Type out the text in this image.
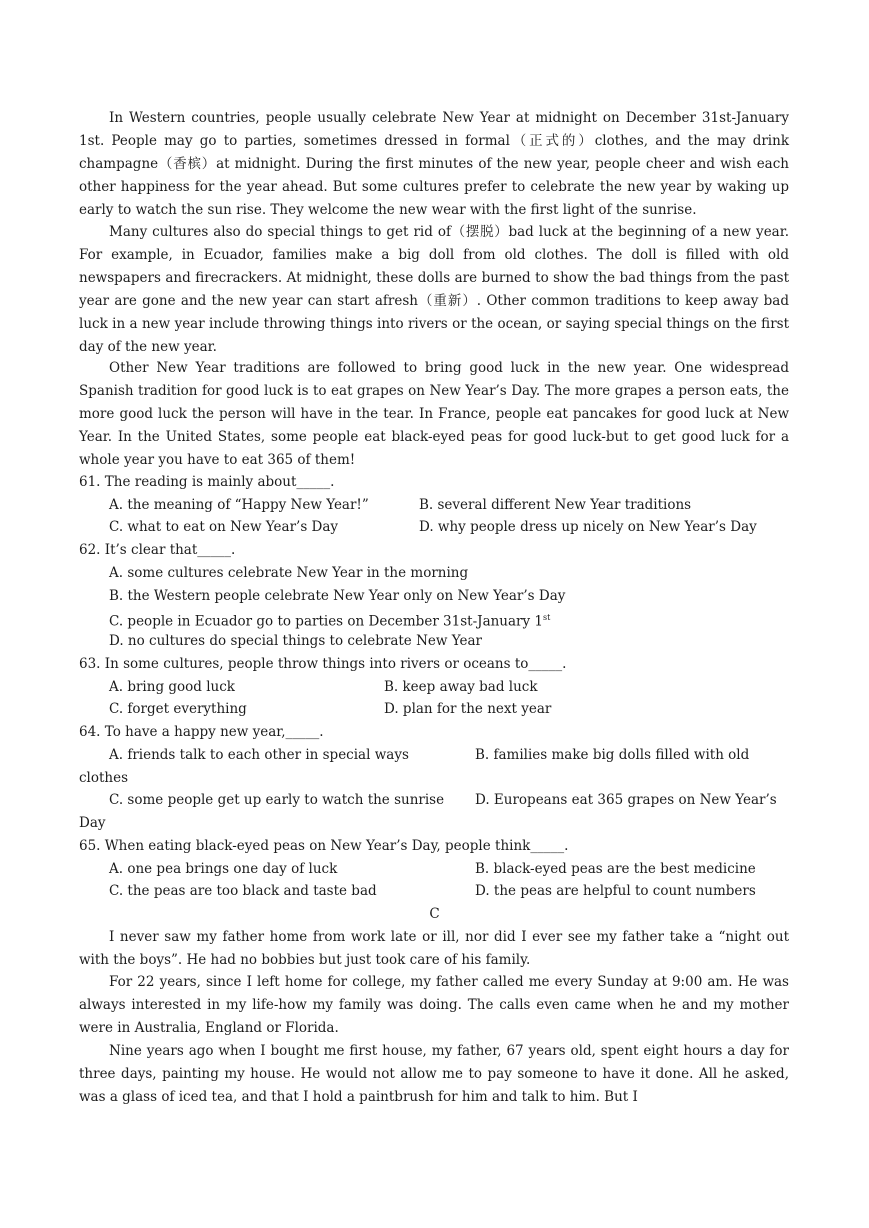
In Western countries, people usually celebrate New Year at midnight on December 31st-January 1st. People may go to parties, sometimes dressed in formal（正式的）clothes, and the may drink champagne（香槟）at midnight. During the first minutes of the new year, people cheer and wish each other happiness for the year ahead. But some cultures prefer to celebrate the new year by waking up early to watch the sun rise. They welcome the new wear with the first light of the sunrise.

Many cultures also do special things to get rid of（摆脱）bad luck at the beginning of a new year. For example, in Ecuador, families make a big doll from old clothes. The doll is filled with old newspapers and firecrackers. At midnight, these dolls are burned to show the bad things from the past year are gone and the new year can start afresh（重新）. Other common traditions to keep away bad luck in a new year include throwing things into rivers or the ocean, or saying special things on the first day of the new year.

Other New Year traditions are followed to bring good luck in the new year. One widespread Spanish tradition for good luck is to eat grapes on New Year’s Day. The more grapes a person eats, the more good luck the person will have in the tear. In France, people eat pancakes for good luck at New Year. In the United States, some people eat black-eyed peas for good luck-but to get good luck for a whole year you have to eat 365 of them!

61. The reading is mainly about_____.
A. the meaning of “Happy New Year!”	B. several different New Year traditions
C. what to eat on New Year’s Day	D. why people dress up nicely on New Year’s Day
62. It’s clear that_____.
A. some cultures celebrate New Year in the morning
B. the Western people celebrate New Year only on New Year’s Day
C. people in Ecuador go to parties on December 31st-January 1st
D. no cultures do special things to celebrate New Year
63. In some cultures, people throw things into rivers or oceans to_____.
A. bring good luck	B. keep away bad luck
C. forget everything	D. plan for the next year
64. To have a happy new year,_____.
A. friends talk to each other in special ways	B. families make big dolls filled with old
clothes
C. some people get up early to watch the sunrise D. Europeans eat 365 grapes on New Year’s
Day
65. When eating black-eyed peas on New Year’s Day, people think_____.
A. one pea brings one day of luck	B. black-eyed peas are the best medicine
C. the peas are too black and taste bad	D. the peas are helpful to count numbers
C

I never saw my father home from work late or ill, nor did I ever see my father take a “night out with the boys”. He had no bobbies but just took care of his family.

For 22 years, since I left home for college, my father called me every Sunday at 9:00 am. He was always interested in my life-how my family was doing. The calls even came when he and my mother were in Australia, England or Florida.

Nine years ago when I bought me first house, my father, 67 years old, spent eight hours a day for three days, painting my house. He would not allow me to pay someone to have it done. All he asked, was a glass of iced tea, and that I hold a paintbrush for him and talk to him. But I
